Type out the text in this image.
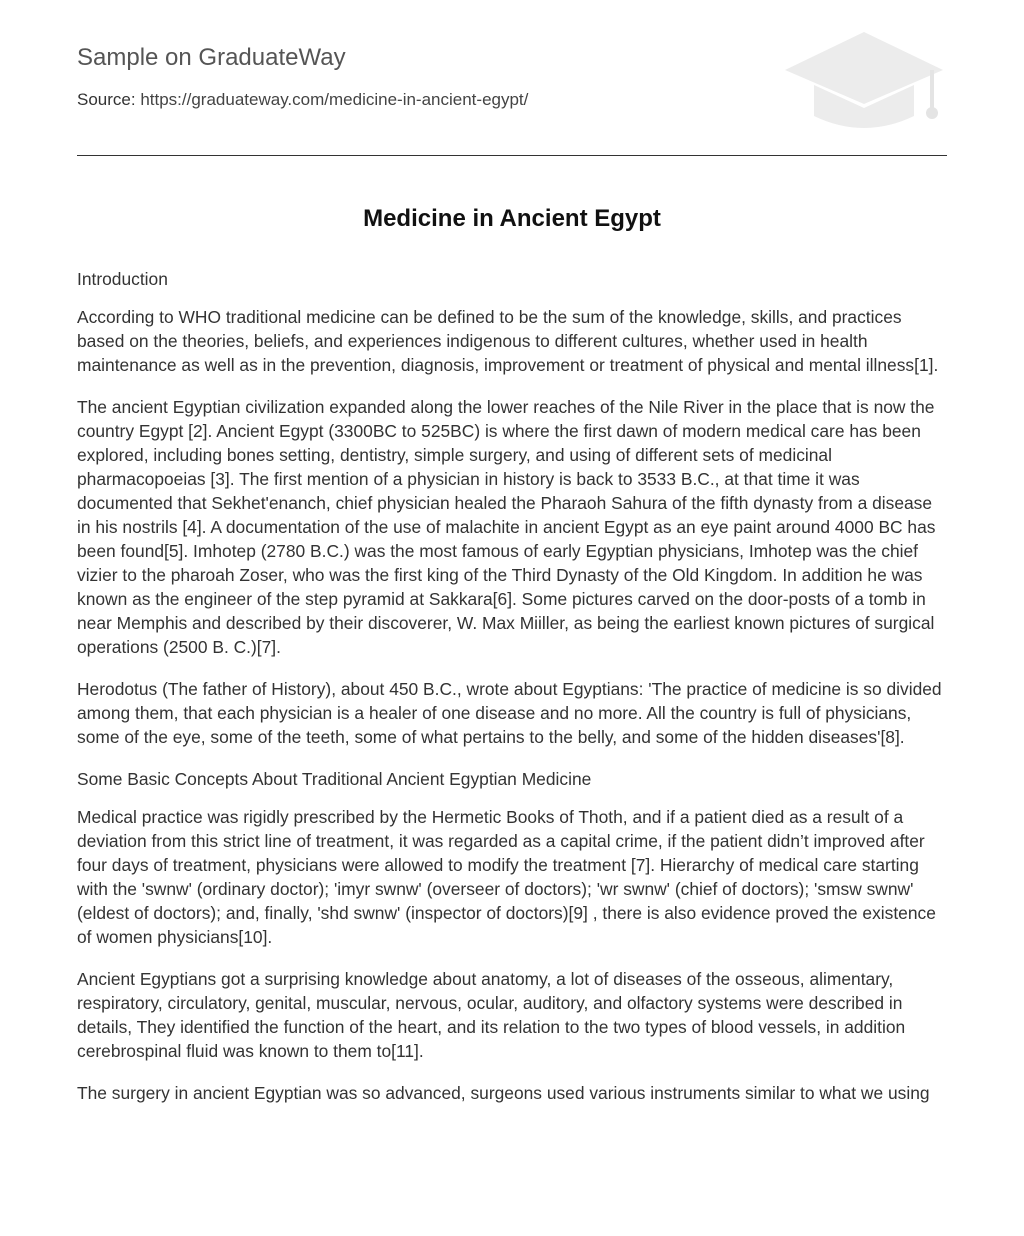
Sample on GraduateWay
Source: https://graduateway.com/medicine-in-ancient-egypt/
Medicine in Ancient Egypt

Introduction

According to WHO traditional medicine can be defined to be the sum of the knowledge, skills, and practices based on the theories, beliefs, and experiences indigenous to different cultures, whether used in health maintenance as well as in the prevention, diagnosis, improvement or treatment of physical and mental illness[1].

The ancient Egyptian civilization expanded along the lower reaches of the Nile River in the place that is now the country Egypt [2]. Ancient Egypt (3300BC to 525BC) is where the first dawn of modern medical care has been explored, including bones setting, dentistry, simple surgery, and using of different sets of medicinal pharmacopoeias [3]. The first mention of a physician in history is back to 3533 B.C., at that time it was documented that Sekhet'enanch, chief physician healed the Pharaoh Sahura of the fifth dynasty from a disease in his nostrils [4]. A documentation of the use of malachite in ancient Egypt as an eye paint around 4000 BC has been found[5]. Imhotep (2780 B.C.) was the most famous of early Egyptian physicians, Imhotep was the chief vizier to the pharoah Zoser, who was the first king of the Third Dynasty of the Old Kingdom. In addition he was known as the engineer of the step pyramid at Sakkara[6]. Some pictures carved on the door-posts of a tomb in near Memphis and described by their discoverer, W. Max Miiller, as being the earliest known pictures of surgical operations (2500 B. C.)[7].

Herodotus (The father of History), about 450 B.C., wrote about Egyptians: 'The practice of medicine is so divided among them, that each physician is a healer of one disease and no more. All the country is full of physicians, some of the eye, some of the teeth, some of what pertains to the belly, and some of the hidden diseases'[8].

Some Basic Concepts About Traditional Ancient Egyptian Medicine

Medical practice was rigidly prescribed by the Hermetic Books of Thoth, and if a patient died as a result of a deviation from this strict line of treatment, it was regarded as a capital crime, if the patient didn’t improved after four days of treatment, physicians were allowed to modify the treatment [7]. Hierarchy of medical care starting with the 'swnw' (ordinary doctor); 'imyr swnw' (overseer of doctors); 'wr swnw' (chief of doctors); 'smsw swnw' (eldest of doctors); and, finally, 'shd swnw' (inspector of doctors)[9] , there is also evidence proved the existence of women physicians[10].

Ancient Egyptians got a surprising knowledge about anatomy, a lot of diseases of the osseous, alimentary, respiratory, circulatory, genital, muscular, nervous, ocular, auditory, and olfactory systems were described in details, They identified the function of the heart, and its relation to the two types of blood vessels, in addition cerebrospinal fluid was known to them to[11].

The surgery in ancient Egyptian was so advanced, surgeons used various instruments similar to what we using
